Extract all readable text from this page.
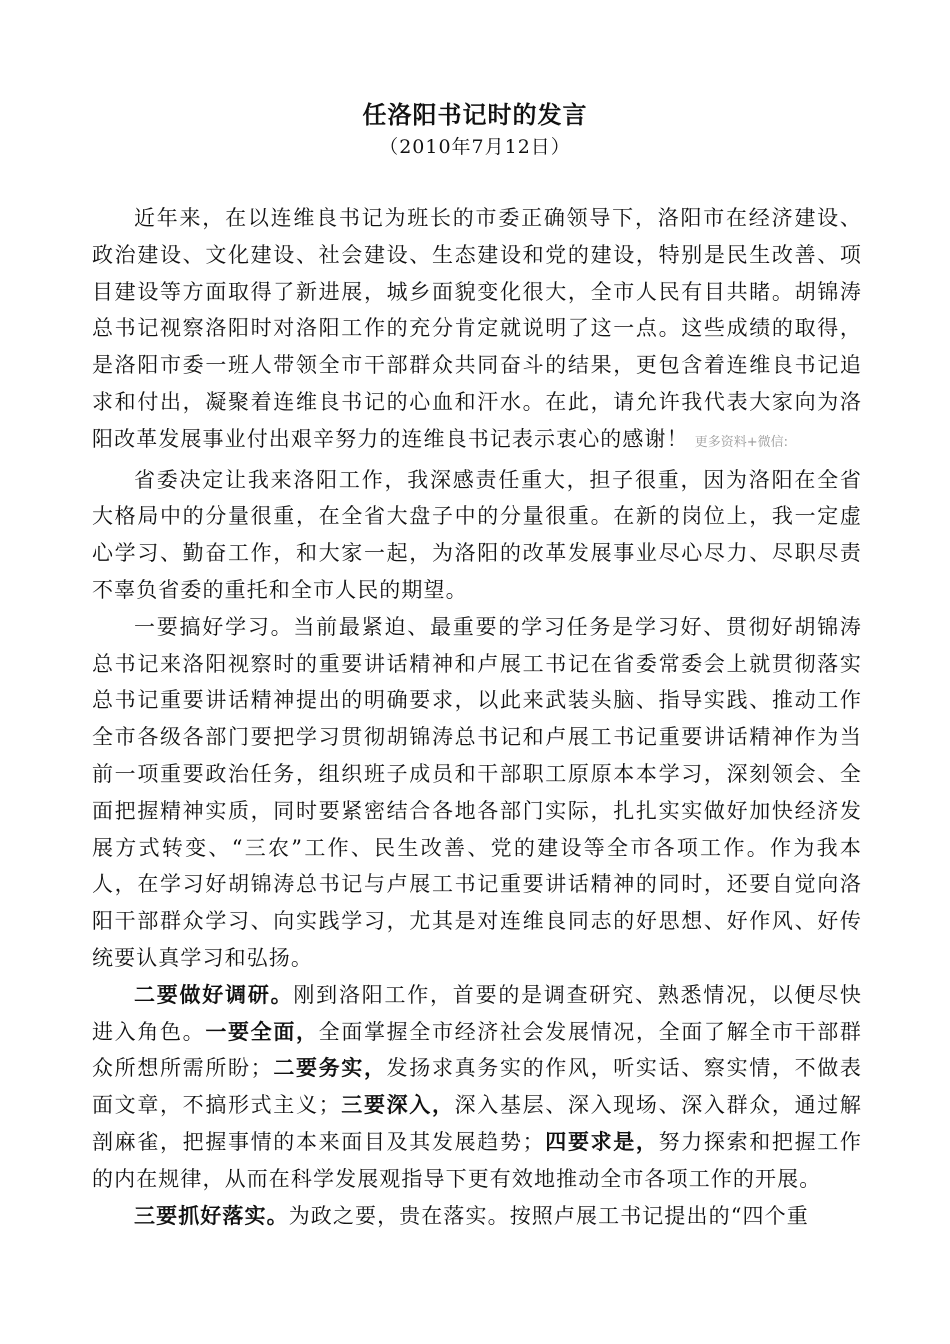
任洛阳书记时的发言
（2010年7月12日）

近年来，在以连维良书记为班长的市委正确领导下，洛阳市在经济建设、政治建设、文化建设、社会建设、生态建设和党的建设，特别是民生改善、项目建设等方面取得了新进展，城乡面貌变化很大，全市人民有目共睹。胡锦涛总书记视察洛阳时对洛阳工作的充分肯定就说明了这一点。这些成绩的取得，是洛阳市委一班人带领全市干部群众共同奋斗的结果，更包含着连维良书记追求和付出，凝聚着连维良书记的心血和汗水。在此，请允许我代表大家向为洛阳改革发展事业付出艰辛努力的连维良书记表示衷心的感谢！ 更多资料+微信:

省委决定让我来洛阳工作，我深感责任重大，担子很重，因为洛阳在全省大格局中的分量很重，在全省大盘子中的分量很重。在新的岗位上，我一定虚心学习、勤奋工作，和大家一起，为洛阳的改革发展事业尽心尽力、尽职尽责不辜负省委的重托和全市人民的期望。

一要搞好学习。当前最紧迫、最重要的学习任务是学习好、贯彻好胡锦涛总书记来洛阳视察时的重要讲话精神和卢展工书记在省委常委会上就贯彻落实总书记重要讲话精神提出的明确要求，以此来武装头脑、指导实践、推动工作全市各级各部门要把学习贯彻胡锦涛总书记和卢展工书记重要讲话精神作为当前一项重要政治任务，组织班子成员和干部职工原原本本学习，深刻领会、全面把握精神实质，同时要紧密结合各地各部门实际，扎扎实实做好加快经济发展方式转变、“三农”工作、民生改善、党的建设等全市各项工作。作为我本人，在学习好胡锦涛总书记与卢展工书记重要讲话精神的同时，还要自觉向洛阳干部群众学习、向实践学习，尤其是对连维良同志的好思想、好作风、好传统要认真学习和弘扬。

二要做好调研。刚到洛阳工作，首要的是调查研究、熟悉情况，以便尽快进入角色。一要全面，全面掌握全市经济社会发展情况，全面了解全市干部群众所想所需所盼；二要务实，发扬求真务实的作风，听实话、察实情，不做表面文章，不搞形式主义；三要深入，深入基层、深入现场、深入群众，通过解剖麻雀，把握事情的本来面目及其发展趋势；四要求是，努力探索和把握工作的内在规律，从而在科学发展观指导下更有效地推动全市各项工作的开展。

三要抓好落实。为政之要，贵在落实。按照卢展工书记提出的“四个重
